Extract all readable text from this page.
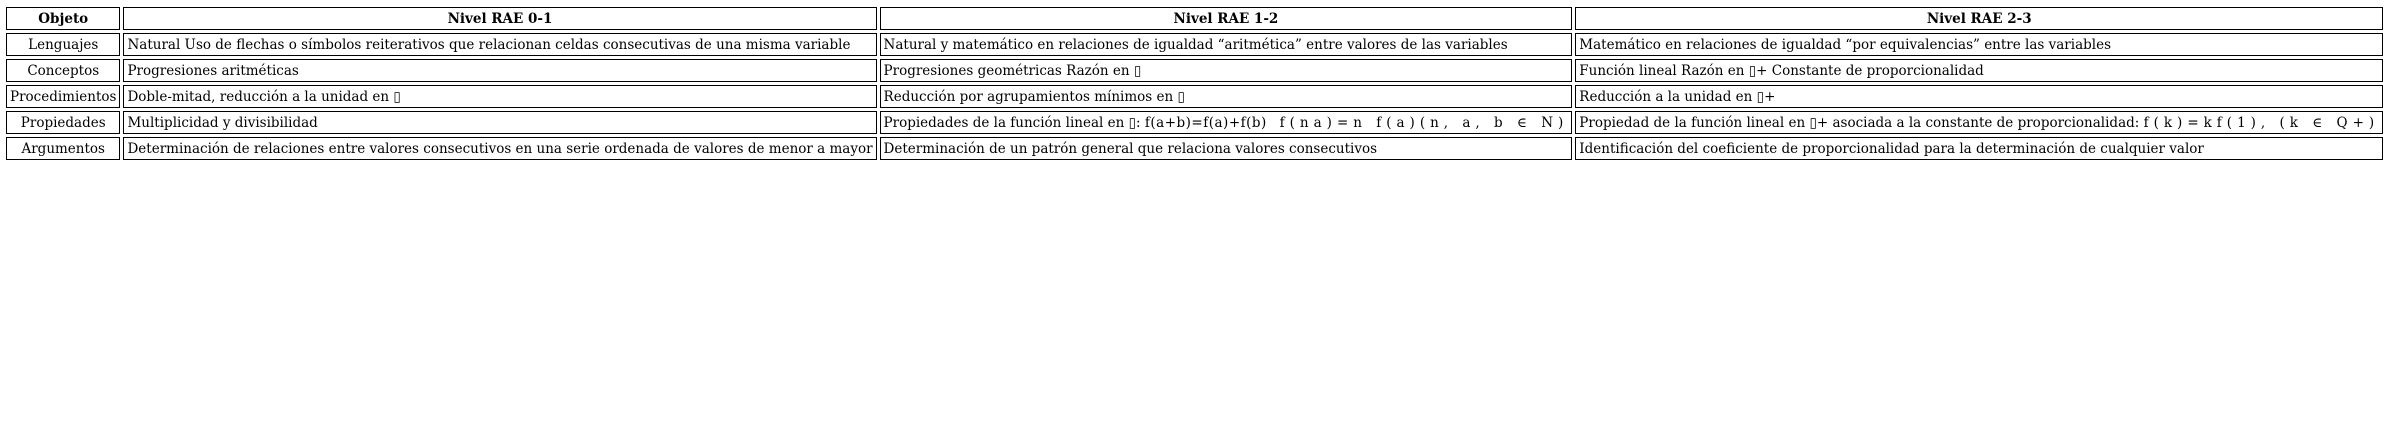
Objeto	Nivel RAE 0-1	Nivel RAE 1-2	Nivel RAE 2-3
Lenguajes	Natural Uso de flechas o símbolos reiterativos que relacionan celdas consecutivas de una misma variable	Natural y matemático en relaciones de igualdad “aritmética” entre valores de las variables	Matemático en relaciones de igualdad “por equivalencias” entre las variables
Conceptos	Progresiones aritméticas	Progresiones geométricas Razón en ▯	Función lineal Razón en ▯+ Constante de proporcionalidad
Procedimientos	Doble-mitad, reducción a la unidad en ▯	Reducción por agrupamientos mínimos en ▯	Reducción a la unidad en ▯+
Propiedades	Multiplicidad y divisibilidad	Propiedades de la función lineal en ▯: f(a+b)=f(a)+f(b) f(na)=n f(a)(n, a, b ∈ N)	Propiedad de la función lineal en ▯+ asociada a la constante de proporcionalidad: f(k)=kf(1), (k ∈ Q+)
Argumentos	Determinación de relaciones entre valores consecutivos en una serie ordenada de valores de menor a mayor	Determinación de un patrón general que relaciona valores consecutivos	Identificación del coeficiente de proporcionalidad para la determinación de cualquier valor
